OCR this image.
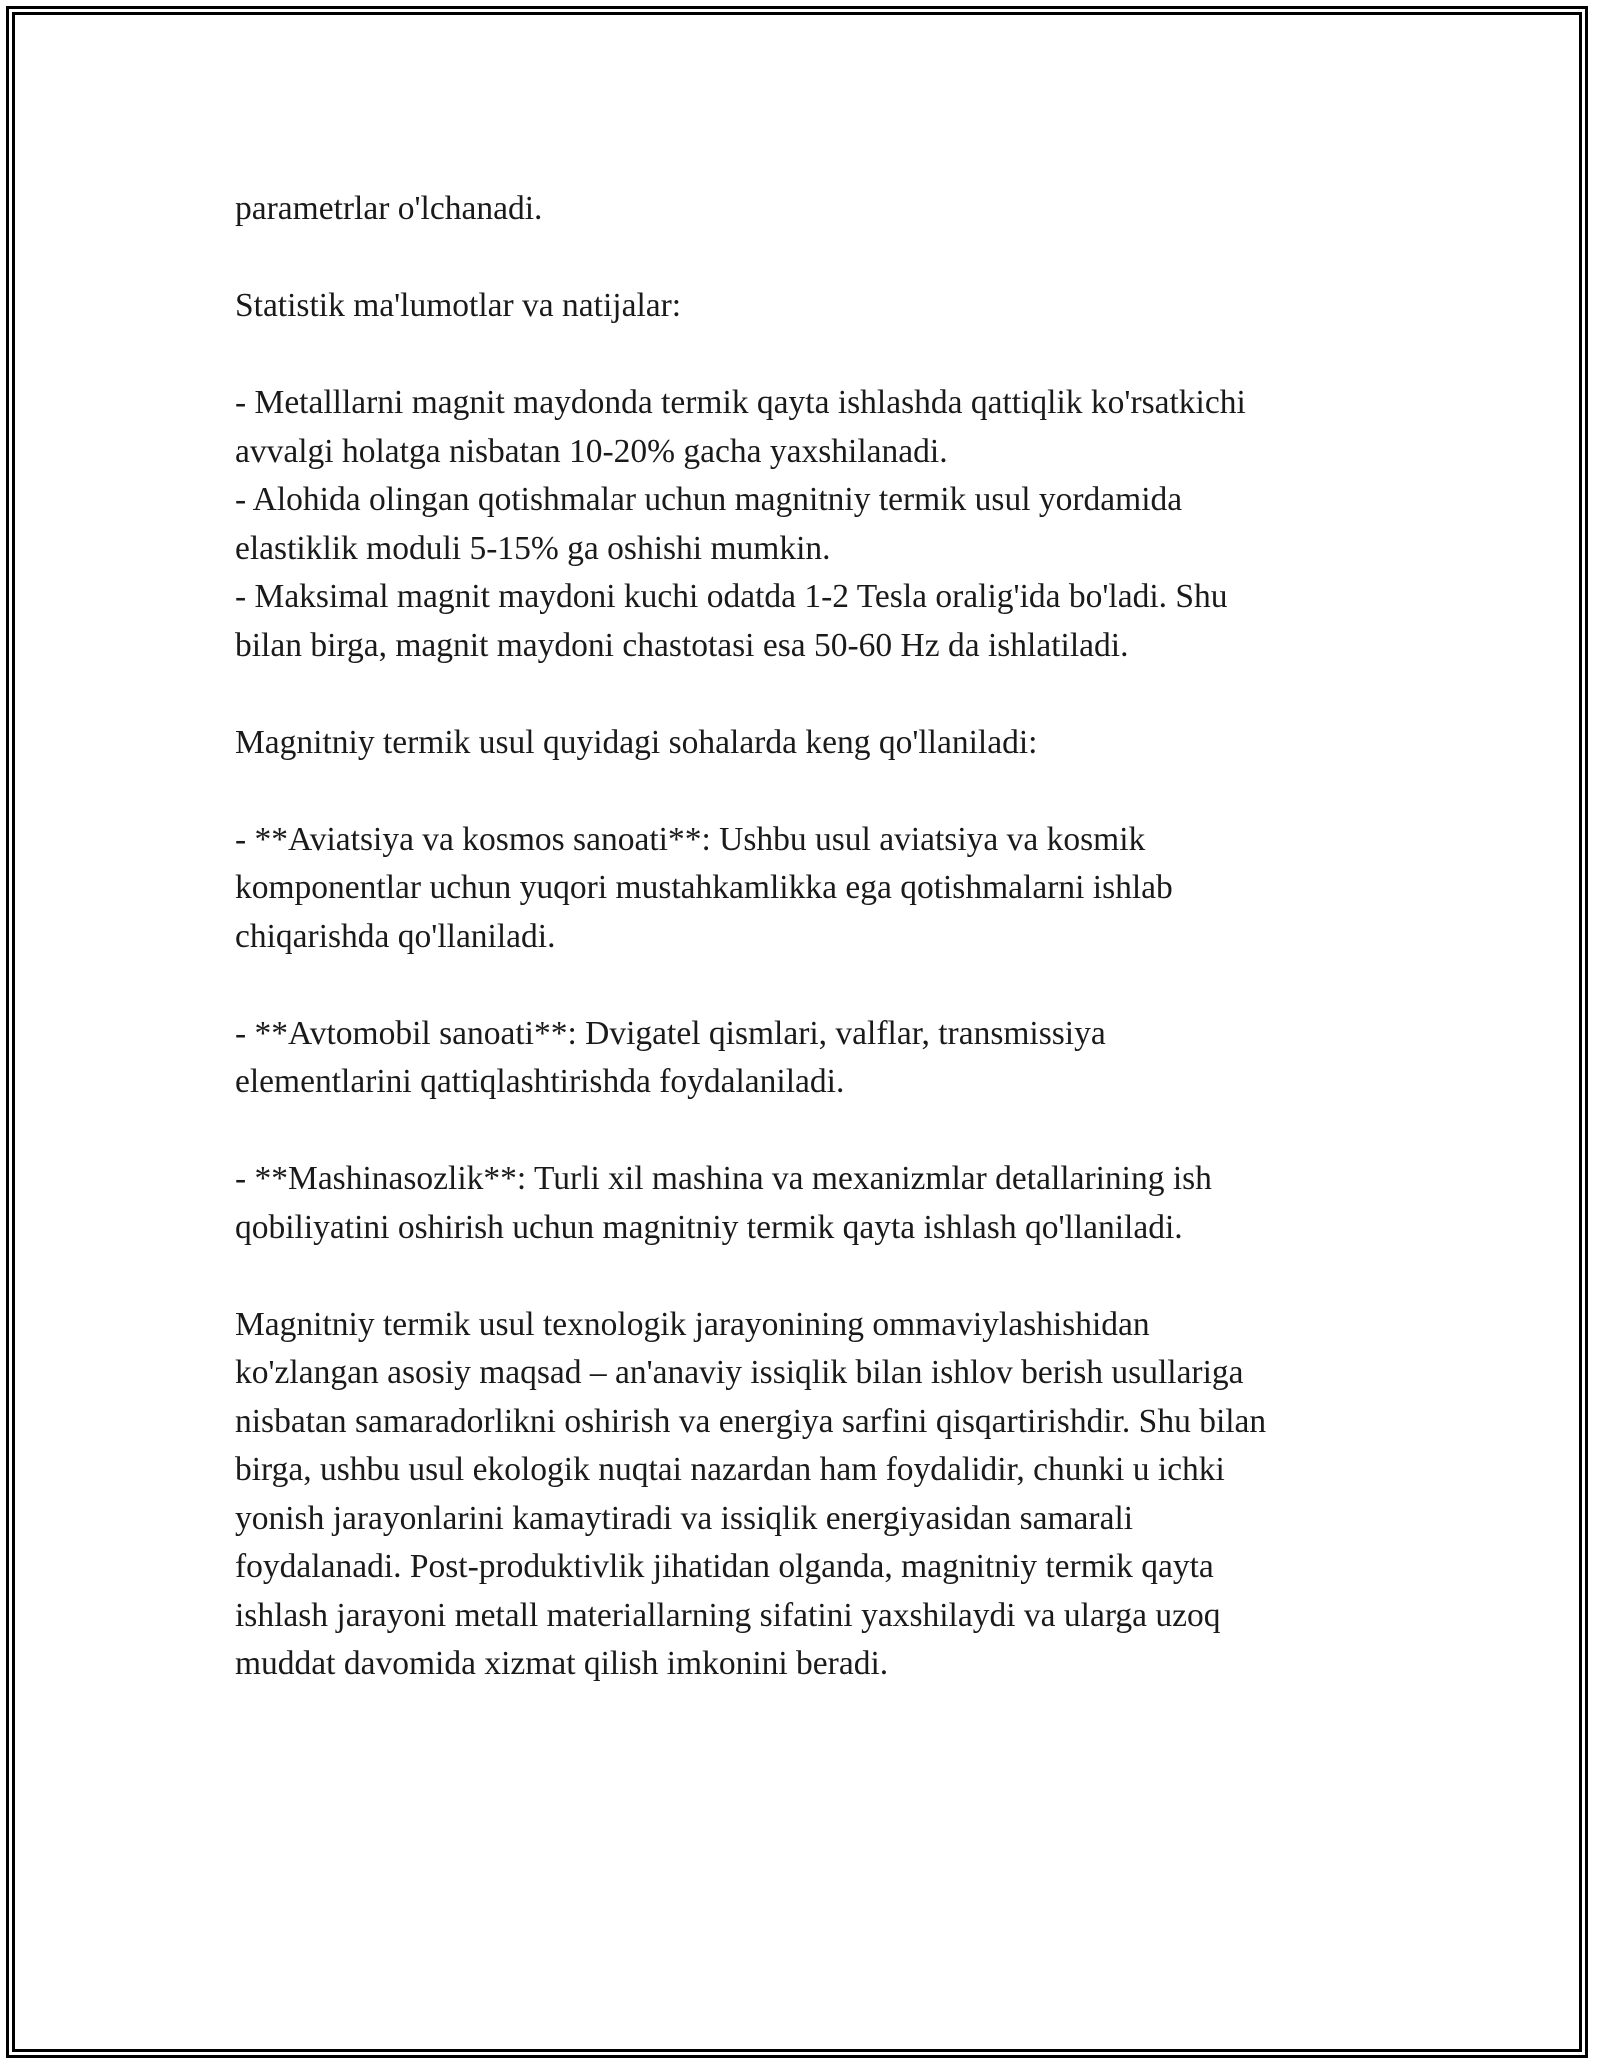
parametrlar o'lchanadi.

Statistik ma'lumotlar va natijalar:

- Metalllarni magnit maydonda termik qayta ishlashda qattiqlik ko'rsatkichi
avvalgi holatga nisbatan 10-20% gacha yaxshilanadi.
- Alohida olingan qotishmalar uchun magnitniy termik usul yordamida
elastiklik moduli 5-15% ga oshishi mumkin.
- Maksimal magnit maydoni kuchi odatda 1-2 Tesla oralig'ida bo'ladi. Shu
bilan birga, magnit maydoni chastotasi esa 50-60 Hz da ishlatiladi.

Magnitniy termik usul quyidagi sohalarda keng qo'llaniladi:

- **Aviatsiya va kosmos sanoati**: Ushbu usul aviatsiya va kosmik
komponentlar uchun yuqori mustahkamlikka ega qotishmalarni ishlab
chiqarishda qo'llaniladi.

- **Avtomobil sanoati**: Dvigatel qismlari, valflar, transmissiya
elementlarini qattiqlashtirishda foydalaniladi.

- **Mashinasozlik**: Turli xil mashina va mexanizmlar detallarining ish
qobiliyatini oshirish uchun magnitniy termik qayta ishlash qo'llaniladi.

Magnitniy termik usul texnologik jarayonining ommaviylashishidan
ko'zlangan asosiy maqsad – an'anaviy issiqlik bilan ishlov berish usullariga
nisbatan samaradorlikni oshirish va energiya sarfini qisqartirishdir. Shu bilan
birga, ushbu usul ekologik nuqtai nazardan ham foydalidir, chunki u ichki
yonish jarayonlarini kamaytiradi va issiqlik energiyasidan samarali
foydalanadi. Post-produktivlik jihatidan olganda, magnitniy termik qayta
ishlash jarayoni metall materiallarning sifatini yaxshilaydi va ularga uzoq
muddat davomida xizmat qilish imkonini beradi.
